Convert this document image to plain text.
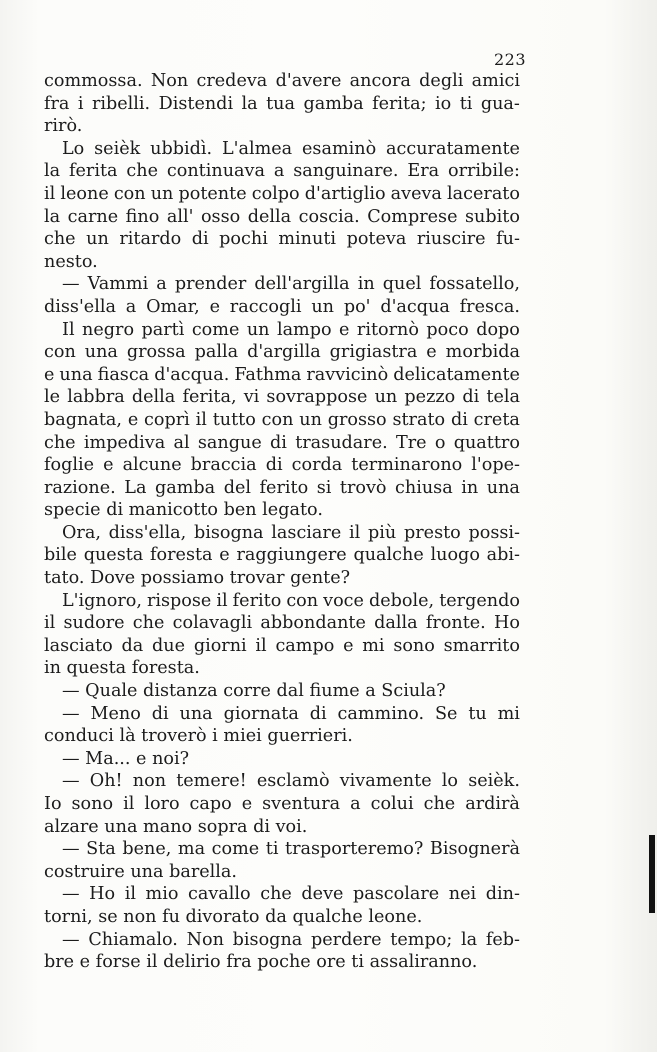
223
commossa. Non credeva d'avere ancora degli amici
fra i ribelli. Distendi la tua gamba ferita; io ti gua-
rirò.
Lo seièk ubbidì. L'almea esaminò accuratamente
la ferita che continuava a sanguinare. Era orribile:
il leone con un potente colpo d'artiglio aveva lacerato
la carne fino all' osso della coscia. Comprese subito
che un ritardo di pochi minuti poteva riuscire fu-
nesto.
— Vammi a prender dell'argilla in quel fossatello,
diss'ella a Omar, e raccogli un po' d'acqua fresca.
Il negro partì come un lampo e ritornò poco dopo
con una grossa palla d'argilla grigiastra e morbida
e una fiasca d'acqua. Fathma ravvicinò delicatamente
le labbra della ferita, vi sovrappose un pezzo di tela
bagnata, e coprì il tutto con un grosso strato di creta
che impediva al sangue di trasudare. Tre o quattro
foglie e alcune braccia di corda terminarono l'ope-
razione. La gamba del ferito si trovò chiusa in una
specie di manicotto ben legato.
Ora, diss'ella, bisogna lasciare il più presto possi-
bile questa foresta e raggiungere qualche luogo abi-
tato. Dove possiamo trovar gente?
L'ignoro, rispose il ferito con voce debole, tergendo
il sudore che colavagli abbondante dalla fronte. Ho
lasciato da due giorni il campo e mi sono smarrito
in questa foresta.
— Quale distanza corre dal fiume a Sciula?
— Meno di una giornata di cammino. Se tu mi
conduci là troverò i miei guerrieri.
— Ma... e noi?
— Oh! non temere! esclamò vivamente lo seièk.
Io sono il loro capo e sventura a colui che ardirà
alzare una mano sopra di voi.
— Sta bene, ma come ti trasporteremo? Bisognerà
costruire una barella.
— Ho il mio cavallo che deve pascolare nei din-
torni, se non fu divorato da qualche leone.
— Chiamalo. Non bisogna perdere tempo; la feb-
bre e forse il delirio fra poche ore ti assaliranno.
